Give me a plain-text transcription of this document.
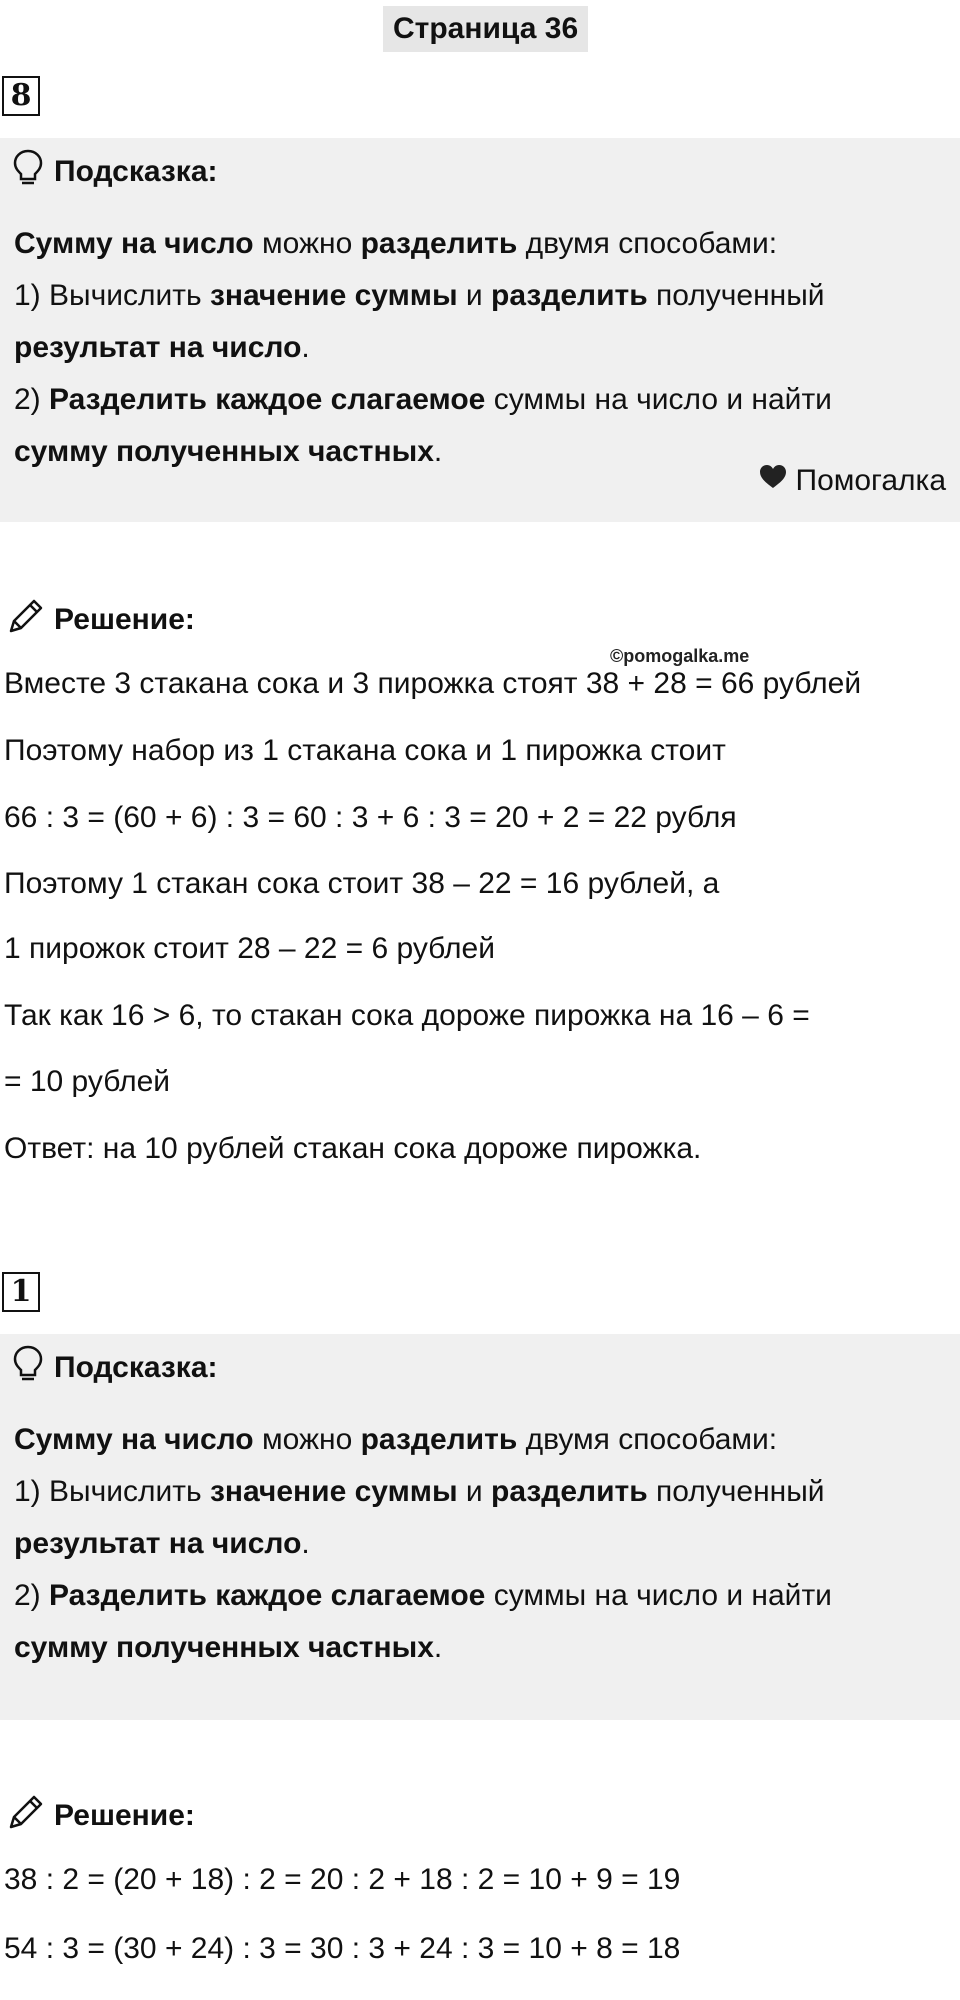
Страница 36
8
Подсказка:
Сумму на число можно разделить двумя способами:
1) Вычислить значение суммы и разделить полученный
результат на число.
2) Разделить каждое слагаемое суммы на число и найти
сумму полученных частных.
Помогалка
Решение:
©pomogalka.me
Вместе 3 стакана сока и 3 пирожка стоят 38 + 28 = 66 рублей
Поэтому набор из 1 стакана сока и 1 пирожка стоит
66 : 3 = (60 + 6) : 3 = 60 : 3 + 6 : 3 = 20 + 2 = 22 рубля
Поэтому 1 стакан сока стоит 38 – 22 = 16 рублей, а
1 пирожок стоит 28 – 22 = 6 рублей
Так как 16 > 6, то стакан сока дороже пирожка на 16 – 6 =
= 10 рублей
Ответ: на 10 рублей стакан сока дороже пирожка.
1
Подсказка:
Сумму на число можно разделить двумя способами:
1) Вычислить значение суммы и разделить полученный
результат на число.
2) Разделить каждое слагаемое суммы на число и найти
сумму полученных частных.
Решение:
38 : 2 = (20 + 18) : 2 = 20 : 2 + 18 : 2 = 10 + 9 = 19
54 : 3 = (30 + 24) : 3 = 30 : 3 + 24 : 3 = 10 + 8 = 18
